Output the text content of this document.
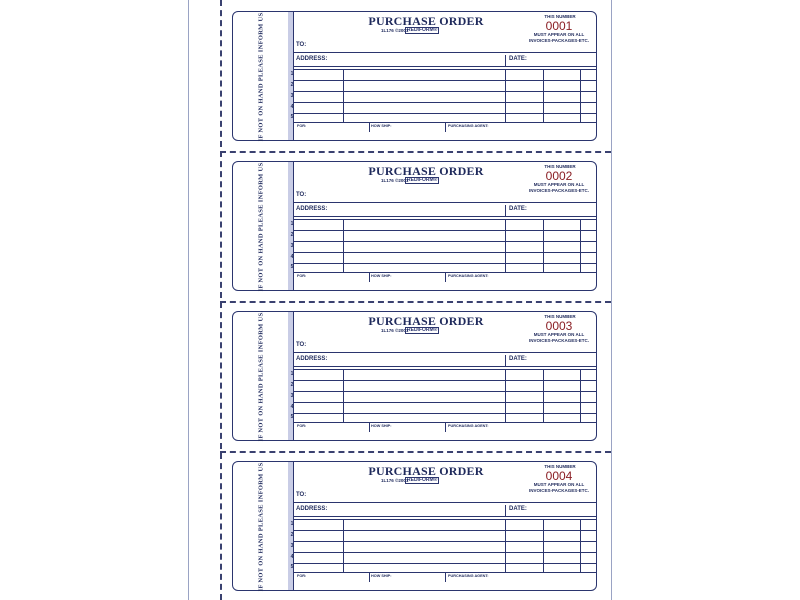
IF NOT ON HAND PLEASE INFORM US.	PURCHASE ORDER
1L176 ©2001
REDIFORM®
THIS NUMBER
0001
MUST APPEAR ON ALL
INVOICES-PACKAGES-ETC.
TO:
ADDRESS:	DATE:
1
2
3
4
5
FOR:	HOW SHIP:	PURCHASING AGENT:
IF NOT ON HAND PLEASE INFORM US.	PURCHASE ORDER
1L176 ©2001
REDIFORM®
THIS NUMBER
0002
MUST APPEAR ON ALL
INVOICES-PACKAGES-ETC.
TO:
ADDRESS:	DATE:
1
2
3
4
5
FOR:	HOW SHIP:	PURCHASING AGENT:
IF NOT ON HAND PLEASE INFORM US.	PURCHASE ORDER
1L176 ©2001
REDIFORM®
THIS NUMBER
0003
MUST APPEAR ON ALL
INVOICES-PACKAGES-ETC.
TO:
ADDRESS:	DATE:
1
2
3
4
5
FOR:	HOW SHIP:	PURCHASING AGENT:
IF NOT ON HAND PLEASE INFORM US.	PURCHASE ORDER
1L176 ©2001
REDIFORM®
THIS NUMBER
0004
MUST APPEAR ON ALL
INVOICES-PACKAGES-ETC.
TO:
ADDRESS:	DATE:
1
2
3
4
5
FOR:	HOW SHIP:	PURCHASING AGENT:
